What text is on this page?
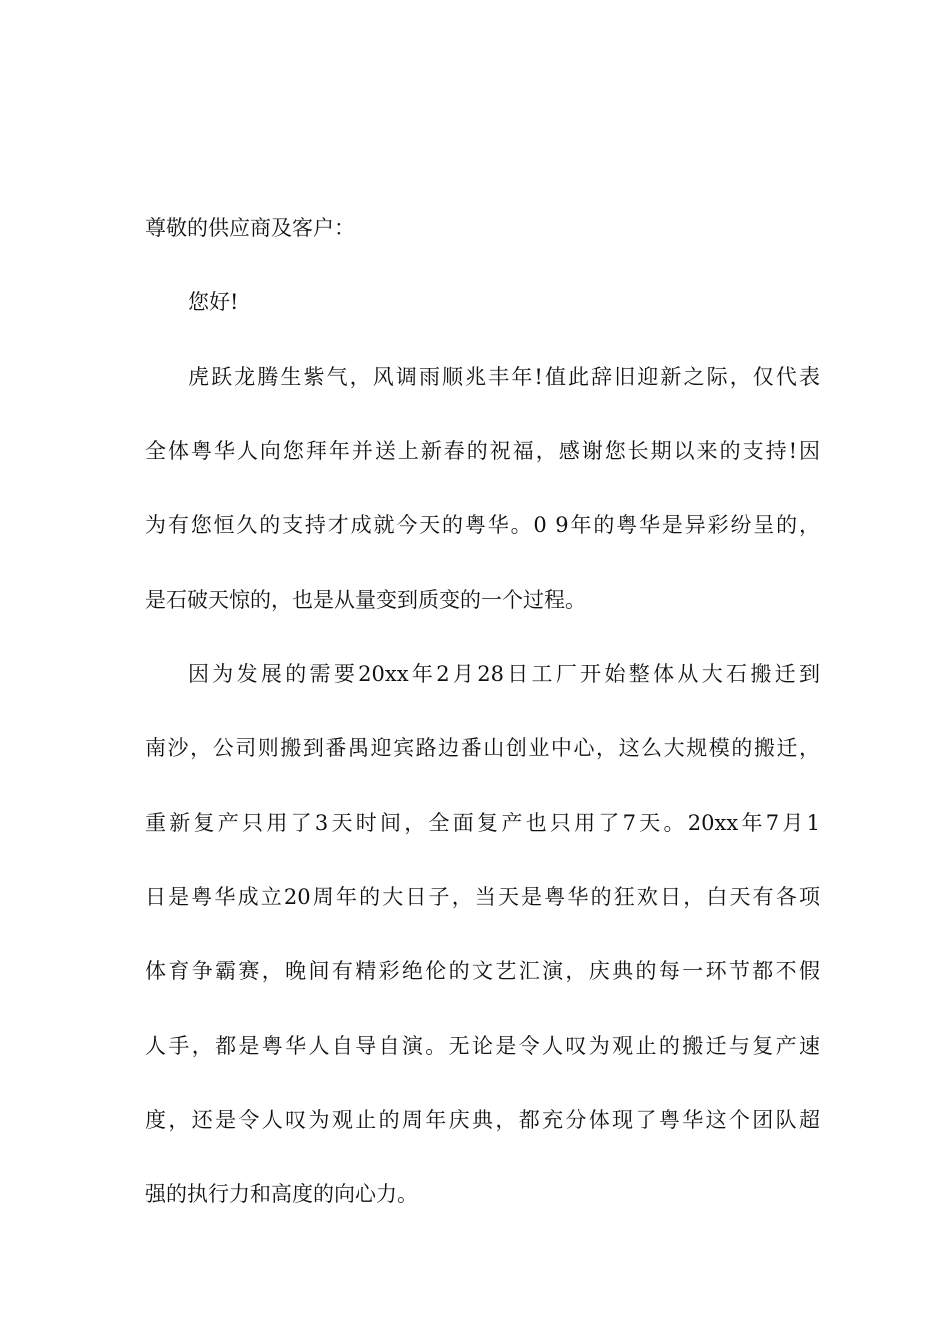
尊敬的供应商及客户：
您好!
虎跃龙腾生紫气，风调雨顺兆丰年!值此辞旧迎新之际，仅代表
全体粤华人向您拜年并送上新春的祝福，感谢您长期以来的支持!因
为有您恒久的支持才成就今天的粤华。0 9年的粤华是异彩纷呈的，
是石破天惊的，也是从量变到质变的一个过程。
因为发展的需要20xx年2月28日工厂开始整体从大石搬迁到
南沙，公司则搬到番禺迎宾路边番山创业中心，这么大规模的搬迁，
重新复产只用了3天时间，全面复产也只用了7天。20xx年7月1
日是粤华成立20周年的大日子，当天是粤华的狂欢日，白天有各项
体育争霸赛，晚间有精彩绝伦的文艺汇演，庆典的每一环节都不假
人手，都是粤华人自导自演。无论是令人叹为观止的搬迁与复产速
度，还是令人叹为观止的周年庆典，都充分体现了粤华这个团队超
强的执行力和高度的向心力。
